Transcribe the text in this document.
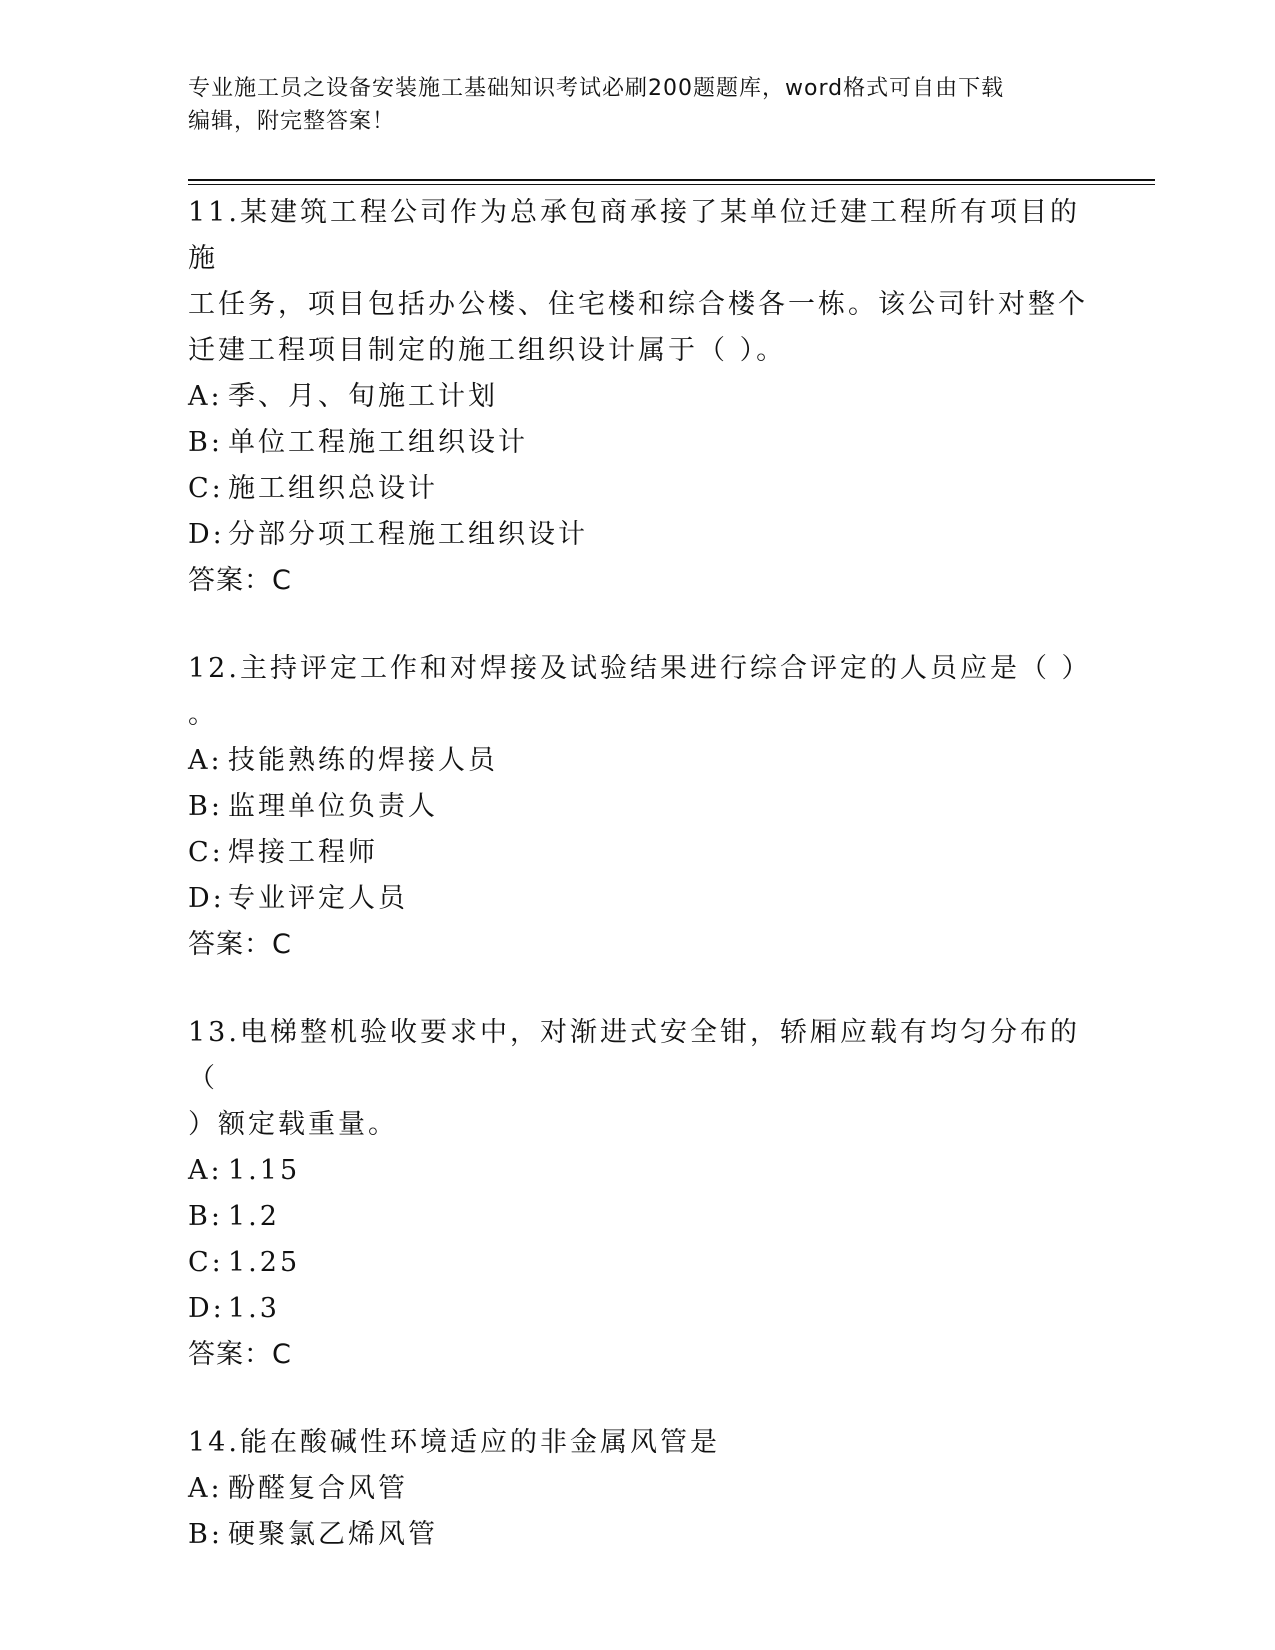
专业施工员之设备安装施工基础知识考试必刷200题题库，word格式可自由下载
编辑，附完整答案！
11.某建筑工程公司作为总承包商承接了某单位迁建工程所有项目的施
工任务，项目包括办公楼、住宅楼和综合楼各一栋。该公司针对整个
迁建工程项目制定的施工组织设计属于（ ）。
A: 季、月、旬施工计划
B: 单位工程施工组织设计
C: 施工组织总设计
D: 分部分项工程施工组织设计
答案：C
12.主持评定工作和对焊接及试验结果进行综合评定的人员应是（ ）
。
A: 技能熟练的焊接人员
B: 监理单位负责人
C: 焊接工程师
D: 专业评定人员
答案：C
13.电梯整机验收要求中，对渐进式安全钳，轿厢应载有均匀分布的（
）额定载重量。
A: 1.15
B: 1.2
C: 1.25
D: 1.3
答案：C
14.能在酸碱性环境适应的非金属风管是
A: 酚醛复合风管
B: 硬聚氯乙烯风管
